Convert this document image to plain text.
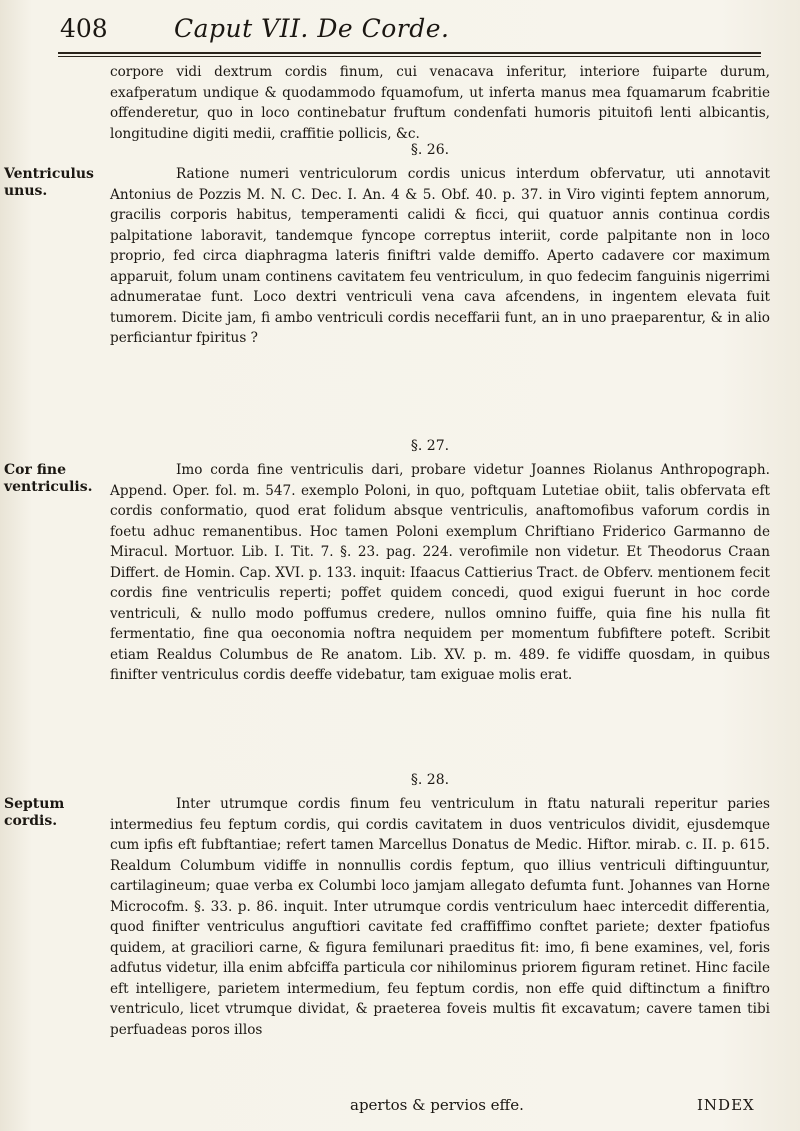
408	Caput VII. De Corde.

corpore vidi dextrum cordis finum, cui venacava inferitur, interiore fuiparte durum, exafperatum undique & quodammodo fquamofum, ut inferta manus mea fquamarum fcabritie offenderetur, quo in loco continebatur fruftum condenfati humoris pituitofi lenti albicantis, longitudine digiti medii, craffitie pollicis, &c.

§. 26.
Ventriculus unus.

Ratione numeri ventriculorum cordis unicus interdum obfervatur, uti annotavit Antonius de Pozzis M. N. C. Dec. I. An. 4 & 5. Obf. 40. p. 37. in Viro viginti feptem annorum, gracilis corporis habitus, temperamenti calidi & ficci, qui quatuor annis continua cordis palpitatione laboravit, tandemque fyncope correptus interiit, corde palpitante non in loco proprio, fed circa diaphragma lateris finiftri valde demiffo. Aperto cadavere cor maximum apparuit, folum unam continens cavitatem feu ventriculum, in quo fedecim fanguinis nigerrimi adnumeratae funt. Loco dextri ventriculi vena cava afcendens, in ingentem elevata fuit tumorem. Dicite jam, fi ambo ventriculi cordis neceffarii funt, an in uno praeparentur, & in alio perficiantur fpiritus ?

§. 27.
Cor fine ventriculis.

Imo corda fine ventriculis dari, probare videtur Joannes Riolanus Anthropograph. Append. Oper. fol. m. 547. exemplo Poloni, in quo, poftquam Lutetiae obiit, talis obfervata eft cordis conformatio, quod erat folidum absque ventriculis, anaftomofibus vaforum cordis in foetu adhuc remanentibus. Hoc tamen Poloni exemplum Chriftiano Friderico Garmanno de Miracul. Mortuor. Lib. I. Tit. 7. §. 23. pag. 224. verofimile non videtur. Et Theodorus Craan Differt. de Homin. Cap. XVI. p. 133. inquit: Ifaacus Cattierius Tract. de Obferv. mentionem fecit cordis fine ventriculis reperti; poffet quidem concedi, quod exigui fuerunt in hoc corde ventriculi, & nullo modo poffumus credere, nullos omnino fuiffe, quia fine his nulla fit fermentatio, fine qua oeconomia noftra nequidem per momentum fubfiftere poteft. Scribit etiam Realdus Columbus de Re anatom. Lib. XV. p. m. 489. fe vidiffe quosdam, in quibus finifter ventriculus cordis deeffe videbatur, tam exiguae molis erat.

§. 28.
Septum cordis.

Inter utrumque cordis finum feu ventriculum in ftatu naturali reperitur paries intermedius feu feptum cordis, qui cordis cavitatem in duos ventriculos dividit, ejusdemque cum ipfis eft fubftantiae; refert tamen Marcellus Donatus de Medic. Hiftor. mirab. c. II. p. 615. Realdum Columbum vidiffe in nonnullis cordis feptum, quo illius ventriculi diftinguuntur, cartilagineum; quae verba ex Columbi loco jamjam allegato defumta funt. Johannes van Horne Microcofm. §. 33. p. 86. inquit. Inter utrumque cordis ventriculum haec intercedit differentia, quod finifter ventriculus anguftiori cavitate fed craffiffimo conftet pariete; dexter fpatiofus quidem, at graciliori carne, & figura femilunari praeditus fit: imo, fi bene examines, vel, foris adfutus videtur, illa enim abfciffa particula cor nihilominus priorem figuram retinet. Hinc facile eft intelligere, parietem intermedium, feu feptum cordis, non effe quid diftinctum a finiftro ventriculo, licet vtrumque dividat, & praeterea foveis multis fit excavatum; cavere tamen tibi perfuadeas poros illos

apertos & pervios effe.	INDEX
